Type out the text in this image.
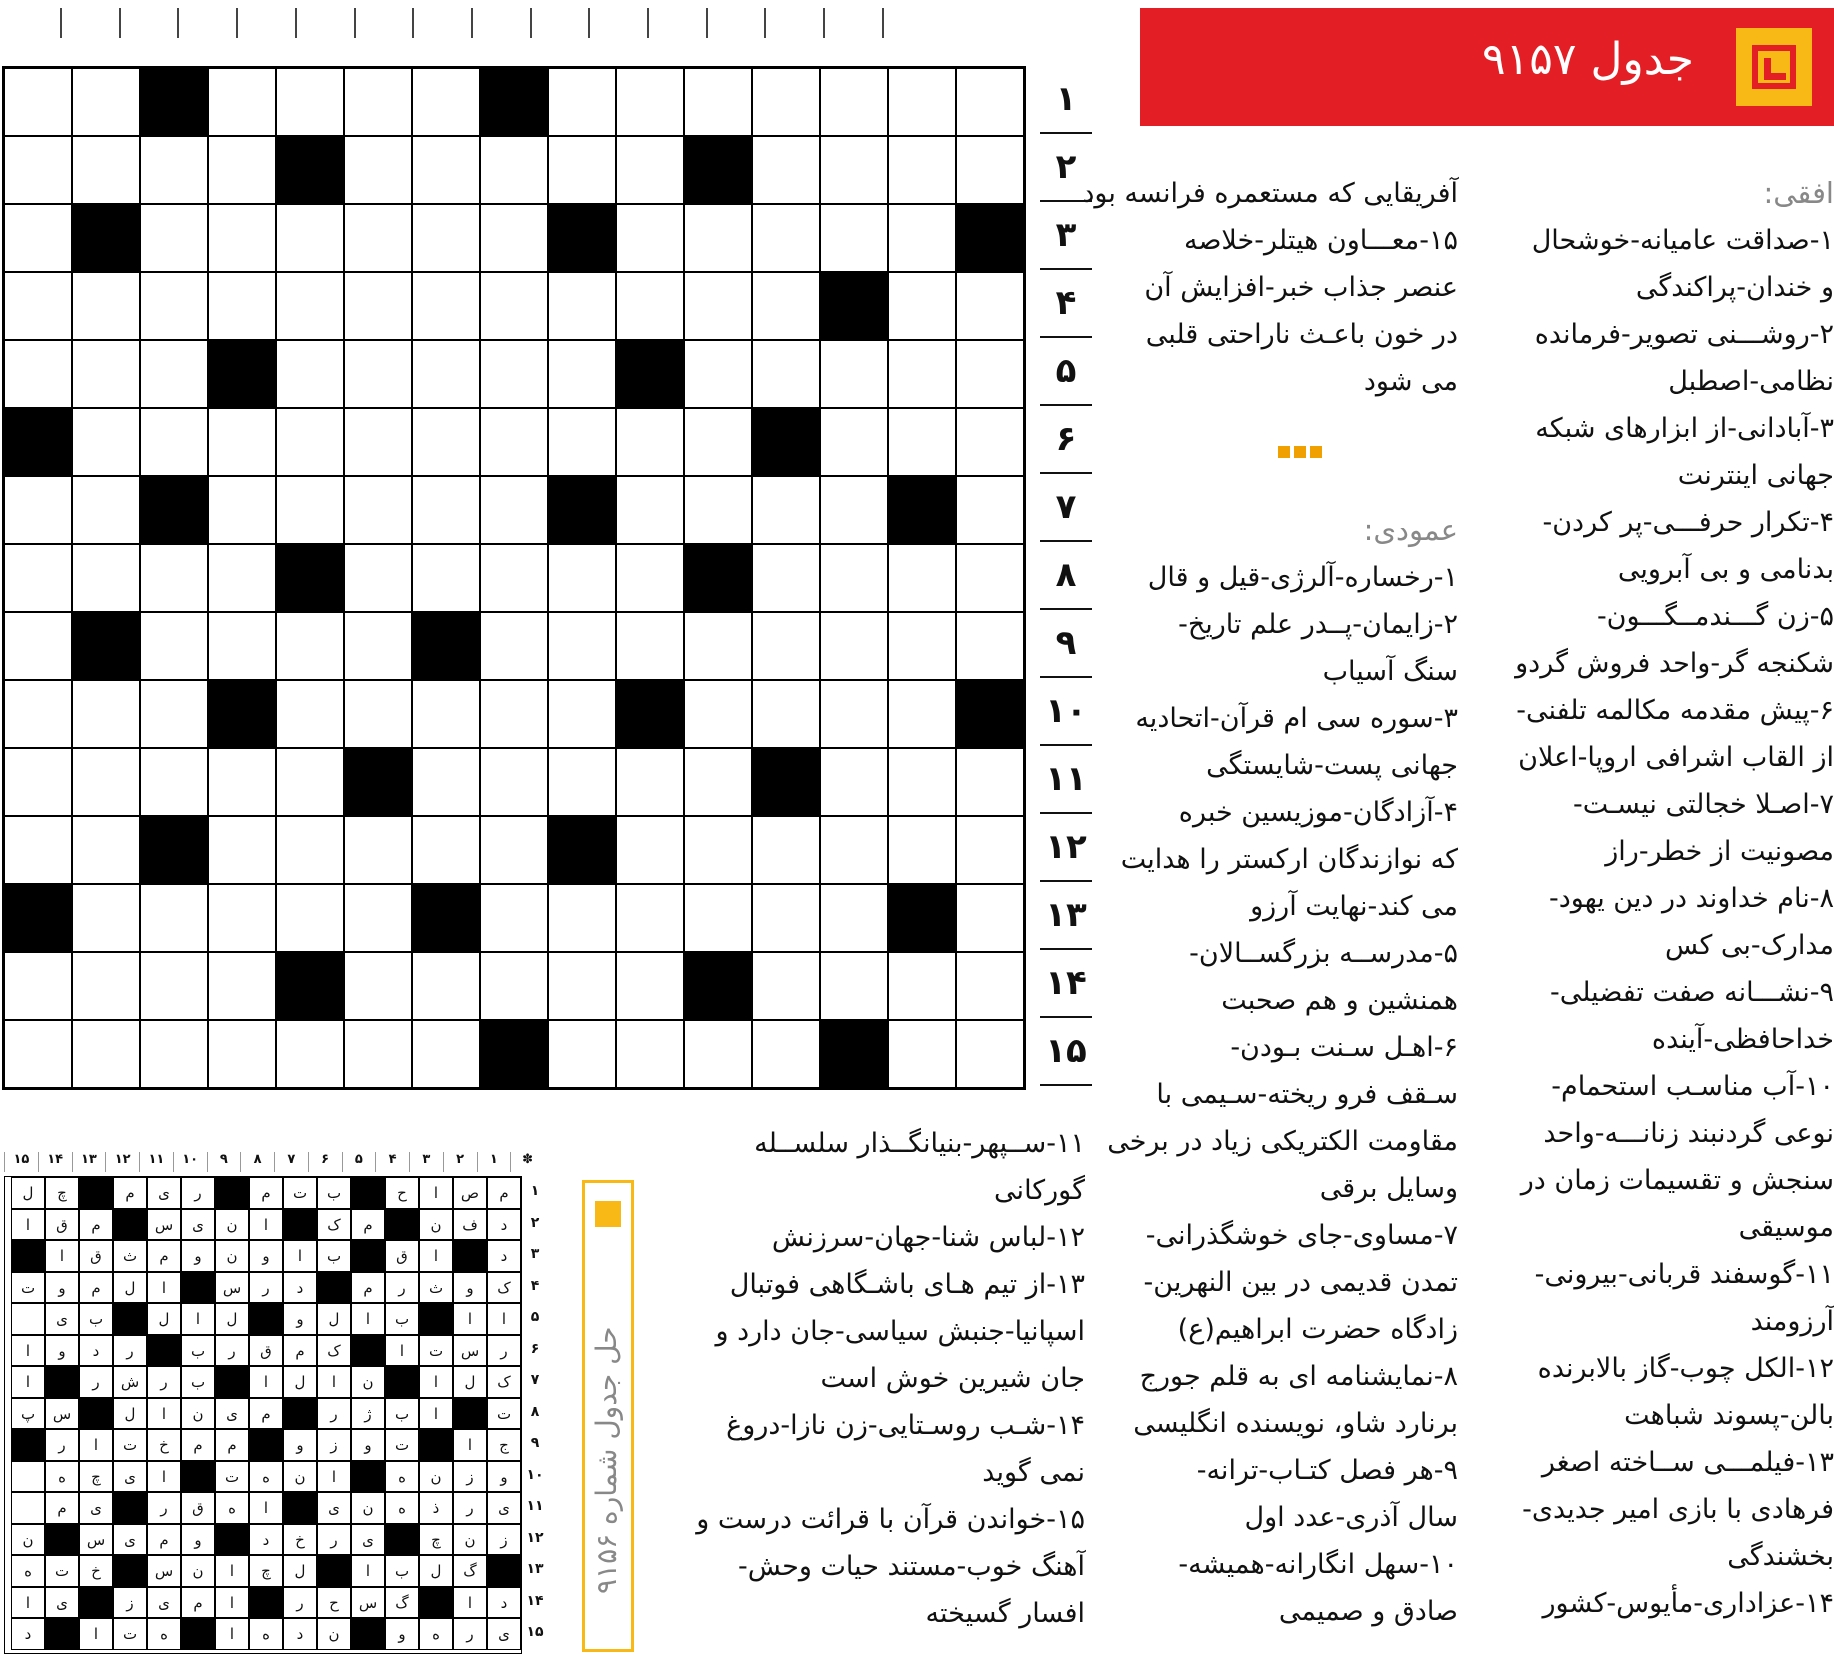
۱
۲
۳
۴
۵
۶
۷
۸
۹
۱۰
۱۱
۱۲
۱۳
۱۴
۱۵
جدول ۹۱۵۷
افقی:
۱-صداقت عامیانه-خوشحال
و خندان-پراکندگی
۲-روشـــنی تصویر-فرمانده
نظامی-اصطبل
۳-آبادانی-از ابزارهای شبکه
جهانی اینترنت
۴-تکرار حرفـــی-پر کردن-
بدنامی و بی آبرویی
۵-زن گـــندمــگـــون-
شکنجه گر-واحد فروش گردو
۶-پیش مقدمه مکالمه تلفنی-
از القاب اشرافی اروپا-اعلان
۷-اصـلا خجالتی نیسـت-
مصونیت از خطر-راز
۸-نام خداوند در دین یهود-
مدارک-بی کس
۹-نشـــانه صفت تفضیلی-
خداحافظی-آینده
۱۰-آب مناسـب استحمام-
نوعی گردنبند زنانـــه-واحد
سنجش و تقسیمات زمان در
موسیقی
۱۱-گوسفند قربانی-بیرونی-
آرزومند
۱۲-الکل چوب-گاز بالابرنده
بالن-پسوند شباهت
۱۳-فیلمـــی ســاخته اصغر
فرهادی با بازی امیر جدیدی-
بخشندگی
۱۴-عزاداری-مأیوس-کشور
آفریقایی که مستعمره فرانسه بود
۱۵-معـــاون هیتلر-خلاصه
عنصر جذاب خبر-افزایش آن
در خون باعـث ناراحتی قلبی
می شود
عمودی:
۱-رخساره-آلرژی-قیل و قال
۲-زایمان-پــدر علم تاریخ-
سنگ آسیاب
۳-سوره سی ام قرآن-اتحادیه
جهانی پست-شایستگی
۴-آزادگان-موزیسین خبره
که نوازندگان ارکستر را هدایت
می کند-نهایت آرزو
۵-مدرســه بزرگســالان-
همنشین و هم صحبت
۶-اهـل سـنت بـودن-
سـقف فرو ریخته-سـیمی با
مقاومت الکتریکی زیاد در برخی
وسایل برقی
۷-مساوی-جای خوشگذرانی-
تمدن قدیمی در بین النهرین-
زادگاه حضرت ابراهیم(ع)
۸-نمایشنامه ای به قلم جورج
برنارد شاو، نویسنده انگلیسی
۹-هر فصل کتـاب-ترانه-
سال آذری-عدد اول
۱۰-سهل انگارانه-همیشه-
صادق و صمیمی
۱۱-ســپهر-بنیانگــذار سلســله
گورکانی
۱۲-لباس شنا-جهان-سرزنش
۱۳-از تیم هـای باشـگاهی فوتبال
اسپانیا-جنبش سیاسی-جان دارد و
جان شیرین خوش است
۱۴-شـب روسـتایی-زن نازا-دروغ
نمی گوید
۱۵-خواندن قرآن با قرائت درست و
آهنگ خوب-مستند حیات وحش-
افسار گسیخته
✽
۱
۲
۳
۴
۵
۶
۷
۸
۹
۱۰
۱۱
۱۲
۱۳
۱۴
۱۵
م
ص
ا
ح
ب
ت
م
ر
ی
م
چ
ل
د
ف
ن
م
ک
ا
ن
ی
س
م
ق
ا
د
ا
ق
ب
ا
و
ن
و
م
ث
ق
ا
ک
و
ث
ر
م
د
ر
س
ا
ل
م
و
ت
ا
ا
ب
ا
ل
و
ل
ا
ل
ب
ی
ر
س
ت
ا
ک
م
ق
ر
ب
ر
د
و
ا
ک
ل
ا
ن
ا
ل
ا
ب
ر
ش
ر
ا
ت
ا
ب
ژ
ر
م
ی
ن
ا
ل
س
پ
ج
ا
ت
و
ز
و
م
م
خ
ت
ا
ر
و
ز
ن
ه
ا
ن
ه
ت
ا
ی
چ
ه
ی
ر
ذ
ه
ن
ی
ا
ه
ق
ر
ی
م
ز
ن
چ
ی
ر
خ
د
و
م
ی
س
ن
گ
ل
ب
ا
ل
چ
ا
ن
س
خ
ت
ه
د
ا
گ
س
ح
ر
ا
م
ی
ز
ی
ا
ی
ر
ه
و
ن
د
ه
ا
ه
ت
ا
د
۱
۲
۳
۴
۵
۶
۷
۸
۹
۱۰
۱۱
۱۲
۱۳
۱۴
۱۵
حل جدول شماره ۹۱۵۶
